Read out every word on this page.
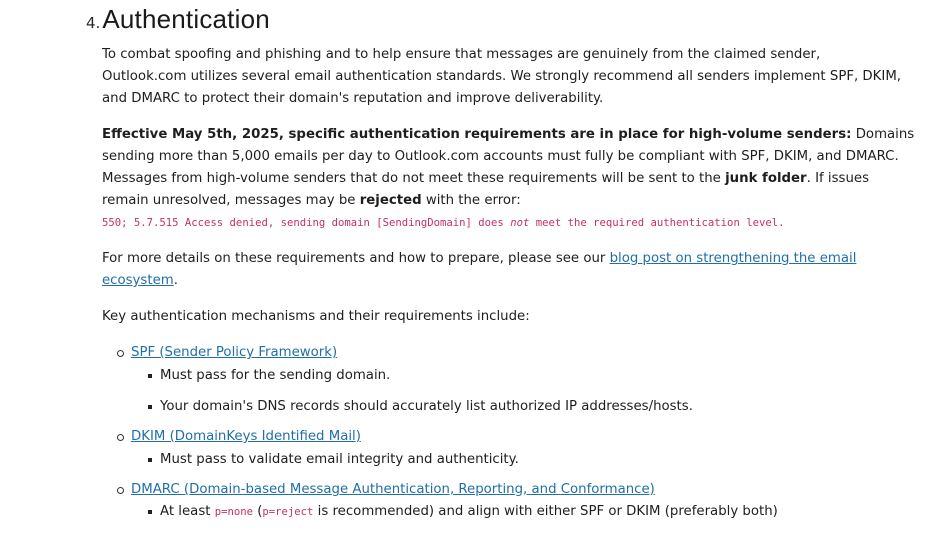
4. Authentication

To combat spoofing and phishing and to help ensure that messages are genuinely from the claimed sender,
Outlook.com utilizes several email authentication standards. We strongly recommend all senders implement SPF, DKIM,
and DMARC to protect their domain's reputation and improve deliverability.

Effective May 5th, 2025, specific authentication requirements are in place for high-volume senders: Domains
sending more than 5,000 emails per day to Outlook.com accounts must fully be compliant with SPF, DKIM, and DMARC.
Messages from high-volume senders that do not meet these requirements will be sent to the junk folder. If issues
remain unresolved, messages may be rejected with the error:
550; 5.7.515 Access denied, sending domain [SendingDomain] does not meet the required authentication level.

For more details on these requirements and how to prepare, please see our blog post on strengthening the email
ecosystem.

Key authentication mechanisms and their requirements include:

SPF (Sender Policy Framework)
Must pass for the sending domain.
Your domain's DNS records should accurately list authorized IP addresses/hosts.
DKIM (DomainKeys Identified Mail)
Must pass to validate email integrity and authenticity.
DMARC (Domain-based Message Authentication, Reporting, and Conformance)
At least p=none (p=reject is recommended) and align with either SPF or DKIM (preferably both)
